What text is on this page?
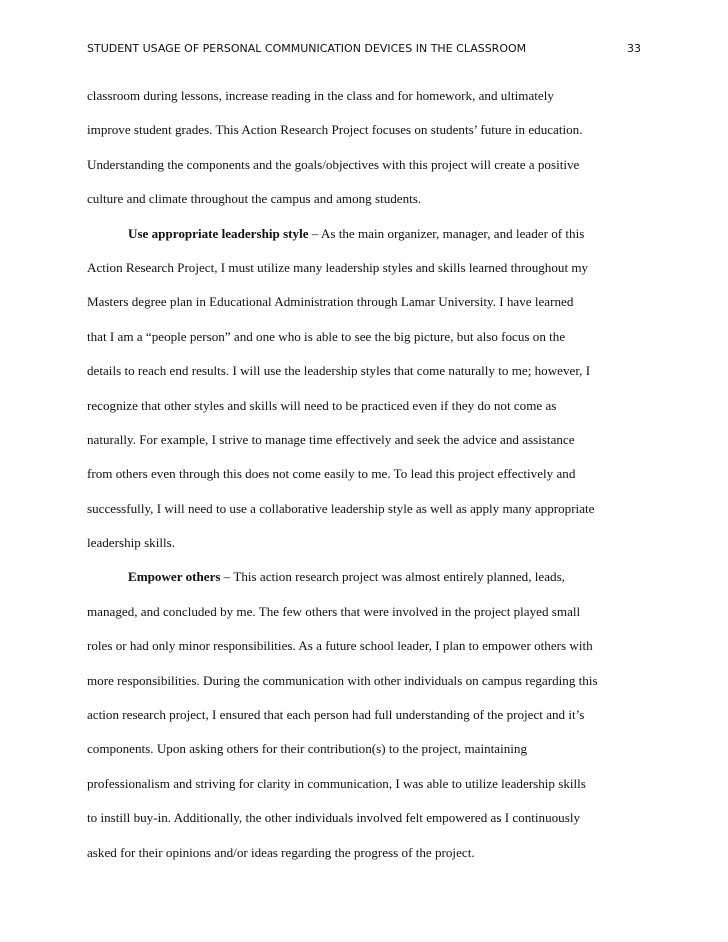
STUDENT USAGE OF PERSONAL COMMUNICATION DEVICES IN THE CLASSROOM	33
classroom during lessons, increase reading in the class and for homework, and ultimately
improve student grades. This Action Research Project focuses on students’ future in education.
Understanding the components and the goals/objectives with this project will create a positive
culture and climate throughout the campus and among students.
Use appropriate leadership style – As the main organizer, manager, and leader of this
Action Research Project, I must utilize many leadership styles and skills learned throughout my
Masters degree plan in Educational Administration through Lamar University. I have learned
that I am a “people person” and one who is able to see the big picture, but also focus on the
details to reach end results. I will use the leadership styles that come naturally to me; however, I
recognize that other styles and skills will need to be practiced even if they do not come as
naturally. For example, I strive to manage time effectively and seek the advice and assistance
from others even through this does not come easily to me. To lead this project effectively and
successfully, I will need to use a collaborative leadership style as well as apply many appropriate
leadership skills.
Empower others – This action research project was almost entirely planned, leads,
managed, and concluded by me. The few others that were involved in the project played small
roles or had only minor responsibilities. As a future school leader, I plan to empower others with
more responsibilities. During the communication with other individuals on campus regarding this
action research project, I ensured that each person had full understanding of the project and it’s
components. Upon asking others for their contribution(s) to the project, maintaining
professionalism and striving for clarity in communication, I was able to utilize leadership skills
to instill buy-in. Additionally, the other individuals involved felt empowered as I continuously
asked for their opinions and/or ideas regarding the progress of the project.
